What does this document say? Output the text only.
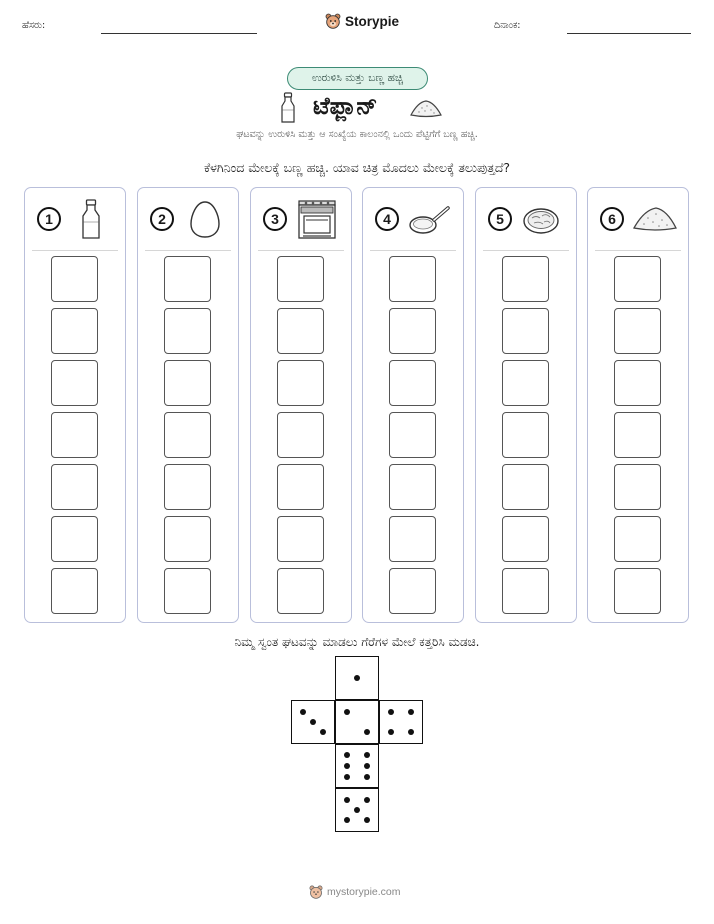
ಹೆಸರು:	Storypie	ದಿನಾಂಕ:
ಉರುಳಿಸಿ ಮತ್ತು ಬಣ್ಣ ಹಚ್ಚಿ
ಟೆಫ್ಲಾನ್
ಘಟವನ್ನು ಉರುಳಿಸಿ ಮತ್ತು ಆ ಸಂಖ್ಯೆಯ ಕಾಲಂನಲ್ಲಿ ಒಂದು ಪೆಟ್ಟಿಗೆಗೆ ಬಣ್ಣ ಹಚ್ಚಿ.
ಕೆಳಗಿನಿಂದ ಮೇಲಕ್ಕೆ ಬಣ್ಣ ಹಚ್ಚಿ. ಯಾವ ಚಿತ್ರ ಮೊದಲು ಮೇಲಕ್ಕೆ ತಲುಪುತ್ತದೆ?
1	2	3	4	5	6
ನಿಮ್ಮ ಸ್ವಂತ ಘಟವನ್ನು ಮಾಡಲು ಗೆರೆಗಳ ಮೇಲೆ ಕತ್ತರಿಸಿ ಮಡಚಿ.
mystorypie.com
